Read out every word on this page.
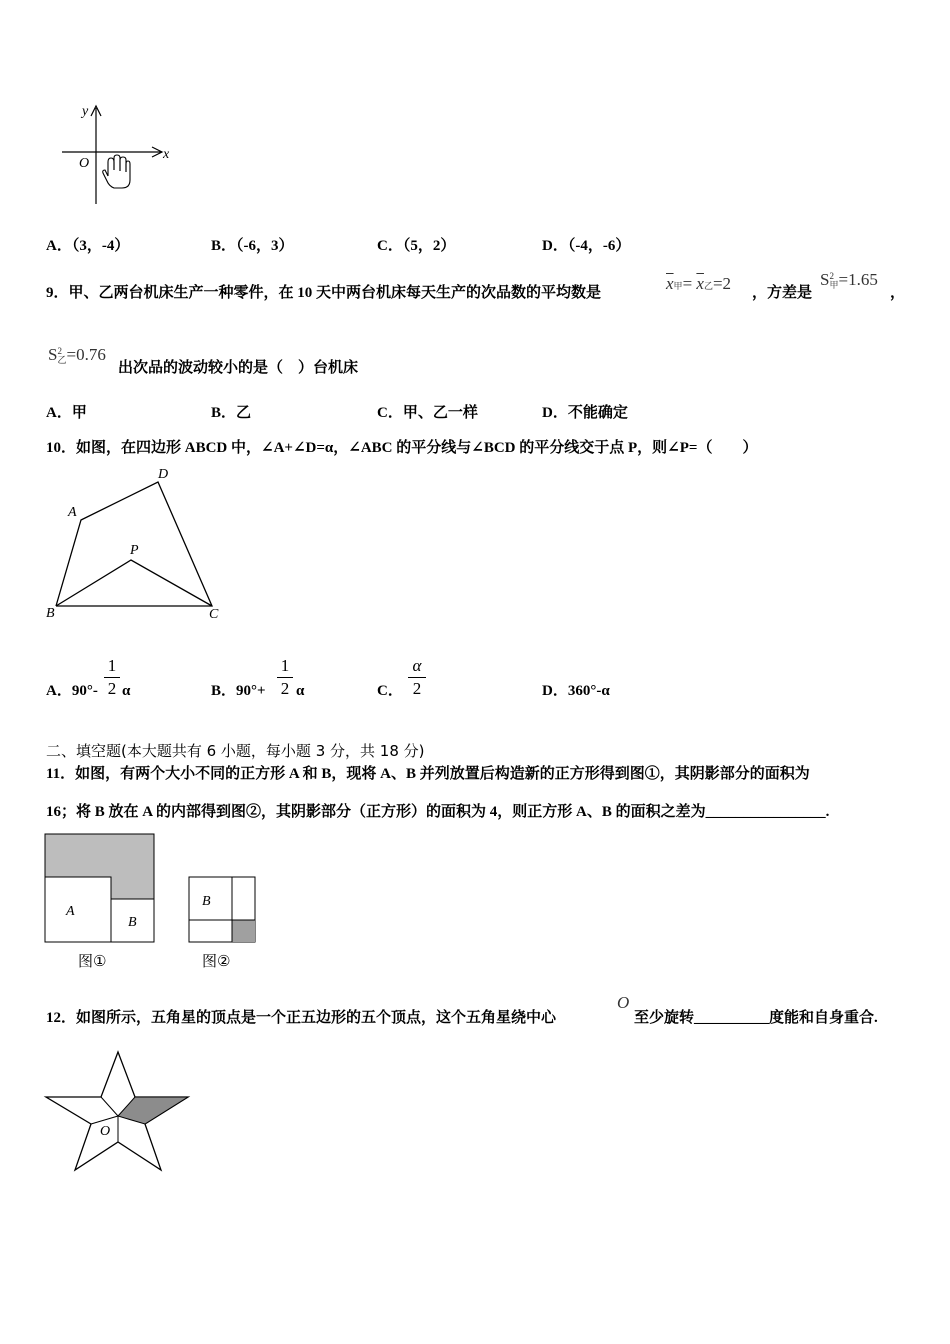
y
x
O
A．（3，-4）	B．（-6，3）	C．（5，2）	D．（-4，-6）
9．甲、乙两台机床生产一种零件，在 10 天中两台机床每天生产的次品数的平均数是	$\overline{x}$甲= $\overline{x}$乙=2 ，方差是
S 2
甲 =1.65
，
S 2
乙 =0.76
出次品的波动较小的是（　）台机床
A．甲	B．乙	C．甲、乙一样	D．不能确定
10．如图，在四边形 ABCD 中，∠A+∠D=α，∠ABC 的平分线与∠BCD 的平分线交于点 P，则∠P=（　　）
A
B	C
D
P
A．90°-
1
2 α	B．90°+
1
2 α	C．
α
2	D．360°-α
二、填空题(本大题共有 6 小题，每小题 3 分，共 18 分)
11．如图，有两个大小不同的正方形 A 和 B，现将 A、B 并列放置后构造新的正方形得到图①，其阴影部分的面积为
16；将 B 放在 A 的内部得到图②，其阴影部分（正方形）的面积为 4，则正方形 A、B 的面积之差为________________.
A
B
图①
B
图②
12．如图所示，五角星的顶点是一个正五边形的五个顶点，这个五角星绕中心
O
至少旋转__________度能和自身重合.
O
